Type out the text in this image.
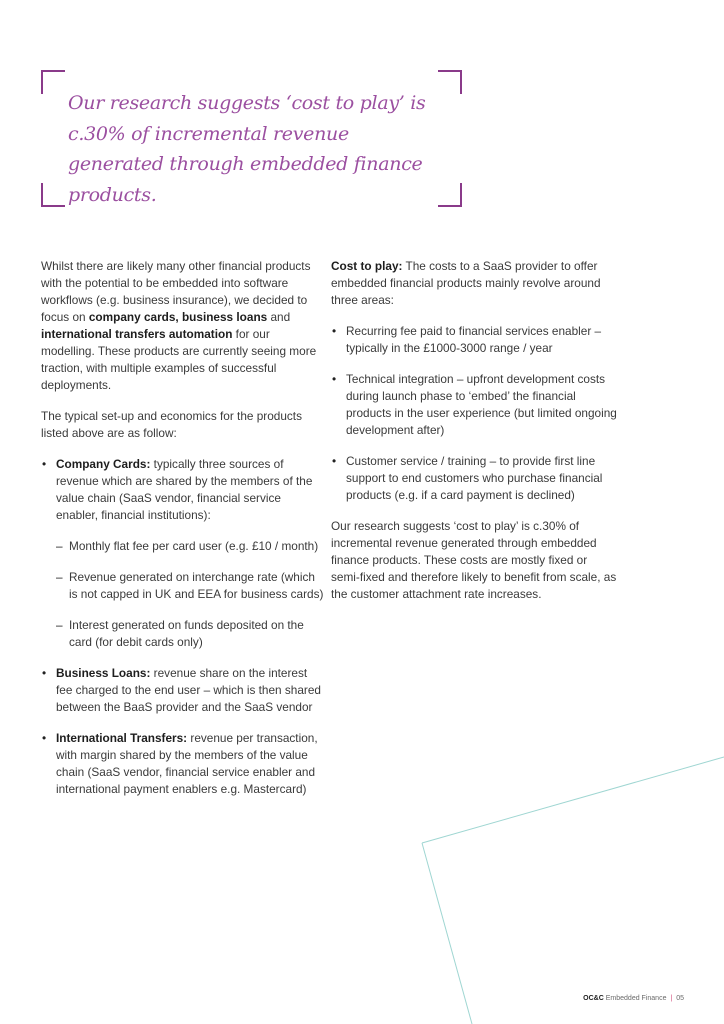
Our research suggests ‘cost to play’ is c.30% of incremental revenue generated through embedded finance products.

Whilst there are likely many other financial products with the potential to be embedded into software workflows (e.g. business insurance), we decided to focus on company cards, business loans and international transfers automation for our modelling. These products are currently seeing more traction, with multiple examples of successful deployments.

The typical set-up and economics for the products listed above are as follow:

• Company Cards: typically three sources of revenue which are shared by the members of the value chain (SaaS vendor, financial service enabler, financial institutions):
– Monthly flat fee per card user (e.g. £10 / month)
– Revenue generated on interchange rate (which is not capped in UK and EEA for business cards)
– Interest generated on funds deposited on the card (for debit cards only)
• Business Loans: revenue share on the interest fee charged to the end user – which is then shared between the BaaS provider and the SaaS vendor
• International Transfers: revenue per transaction, with margin shared by the members of the value chain (SaaS vendor, financial service enabler and international payment enablers e.g. Mastercard)

Cost to play: The costs to a SaaS provider to offer embedded financial products mainly revolve around three areas:

• Recurring fee paid to financial services enabler – typically in the £1000-3000 range / year
• Technical integration – upfront development costs during launch phase to ‘embed’ the financial products in the user experience (but limited ongoing development after)
• Customer service / training – to provide first line support to end customers who purchase financial products (e.g. if a card payment is declined)

Our research suggests ‘cost to play’ is c.30% of incremental revenue generated through embedded finance products. These costs are mostly fixed or semi-fixed and therefore likely to benefit from scale, as the customer attachment rate increases.

OC&C Embedded Finance | 05
